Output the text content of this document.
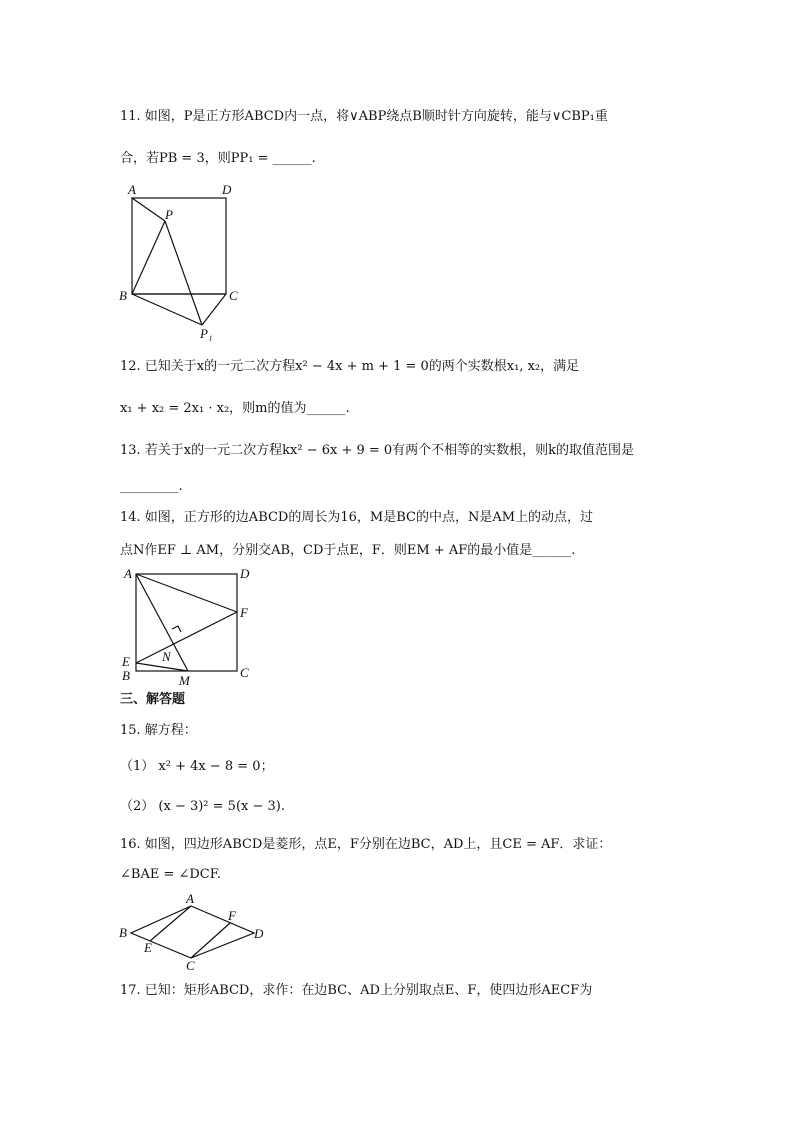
11. 如图，P是正方形ABCD内一点，将∨ABP绕点B顺时针方向旋转，能与∨CBP₁重
合，若PB = 3，则PP₁ = ______.
A	D
P
B	C
P₁
12. 已知关于x的一元二次方程x² − 4x + m + 1 = 0的两个实数根x₁, x₂，满足
x₁ + x₂ = 2x₁ · x₂，则m的值为______.
13. 若关于x的一元二次方程kx² − 6x + 9 = 0有两个不相等的实数根，则k的取值范围是
_________.
14. 如图，正方形的边ABCD的周长为16，M是BC的中点，N是AM上的动点，过
点N作EF ⊥ AM，分别交AB，CD于点E，F．则EM + AF的最小值是______.
A	D
F
N
E
B	M
C
三、解答题
15. 解方程：
（1） x² + 4x − 8 = 0；
（2） (x − 3)² = 5(x − 3).
16. 如图，四边形ABCD是菱形，点E，F分别在边BC，AD上，且CE = AF．求证：
∠BAE = ∠DCF.
A
F
B	D
E
C
17. 已知：矩形ABCD，求作：在边BC、AD上分别取点E、F，使四边形AECF为
